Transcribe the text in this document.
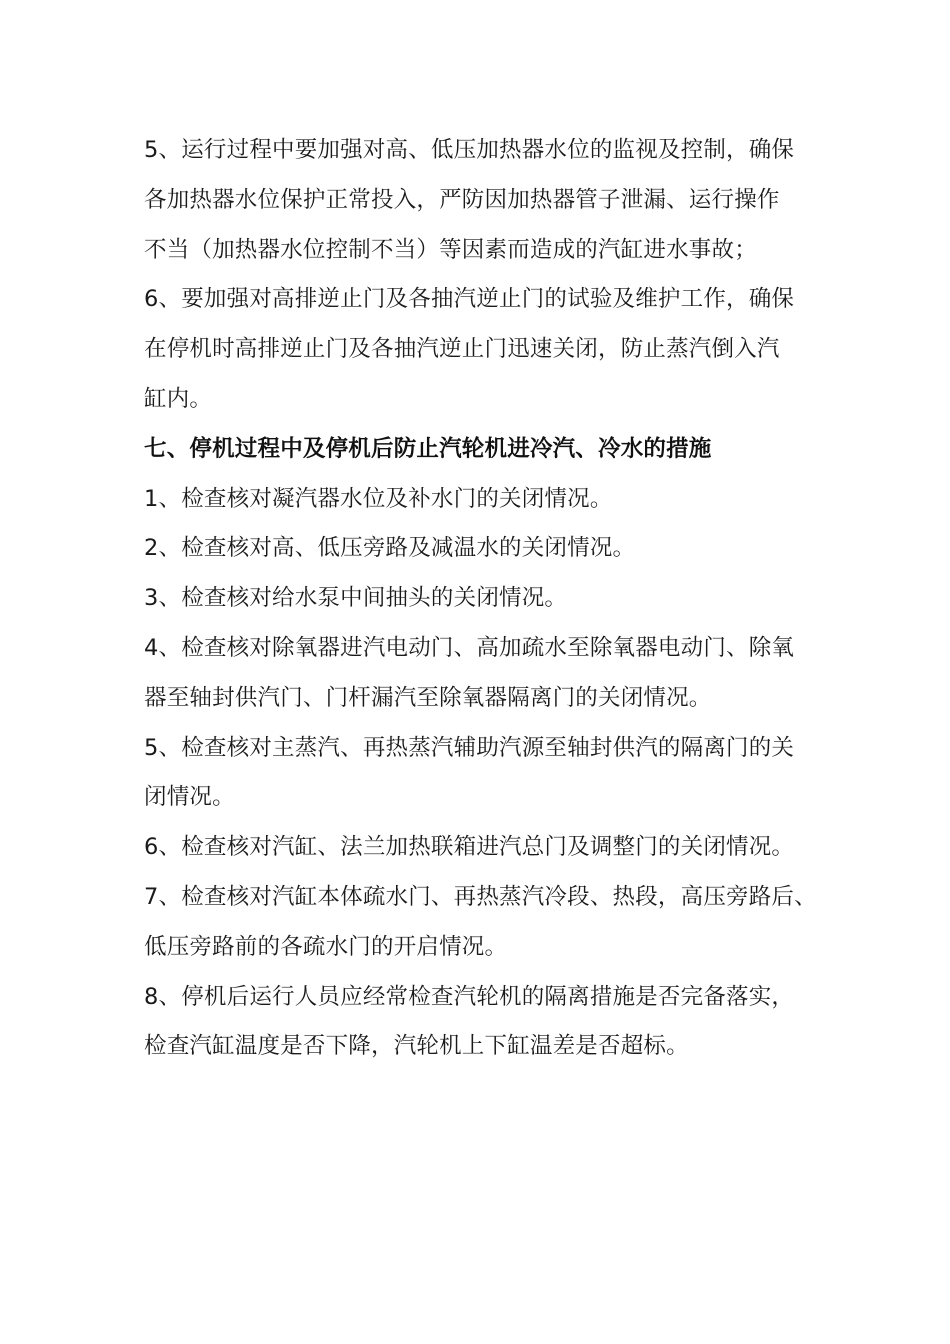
5、运行过程中要加强对高、低压加热器水位的监视及控制，确保
各加热器水位保护正常投入，严防因加热器管子泄漏、运行操作
不当（加热器水位控制不当）等因素而造成的汽缸进水事故；
6、要加强对高排逆止门及各抽汽逆止门的试验及维护工作，确保
在停机时高排逆止门及各抽汽逆止门迅速关闭，防止蒸汽倒入汽
缸内。
七、停机过程中及停机后防止汽轮机进冷汽、冷水的措施
1、检查核对凝汽器水位及补水门的关闭情况。
2、检查核对高、低压旁路及减温水的关闭情况。
3、检查核对给水泵中间抽头的关闭情况。
4、检查核对除氧器进汽电动门、高加疏水至除氧器电动门、除氧
器至轴封供汽门、门杆漏汽至除氧器隔离门的关闭情况。
5、检查核对主蒸汽、再热蒸汽辅助汽源至轴封供汽的隔离门的关
闭情况。
6、检查核对汽缸、法兰加热联箱进汽总门及调整门的关闭情况。
7、检查核对汽缸本体疏水门、再热蒸汽冷段、热段，高压旁路后、
低压旁路前的各疏水门的开启情况。
8、停机后运行人员应经常检查汽轮机的隔离措施是否完备落实，
检查汽缸温度是否下降，汽轮机上下缸温差是否超标。
